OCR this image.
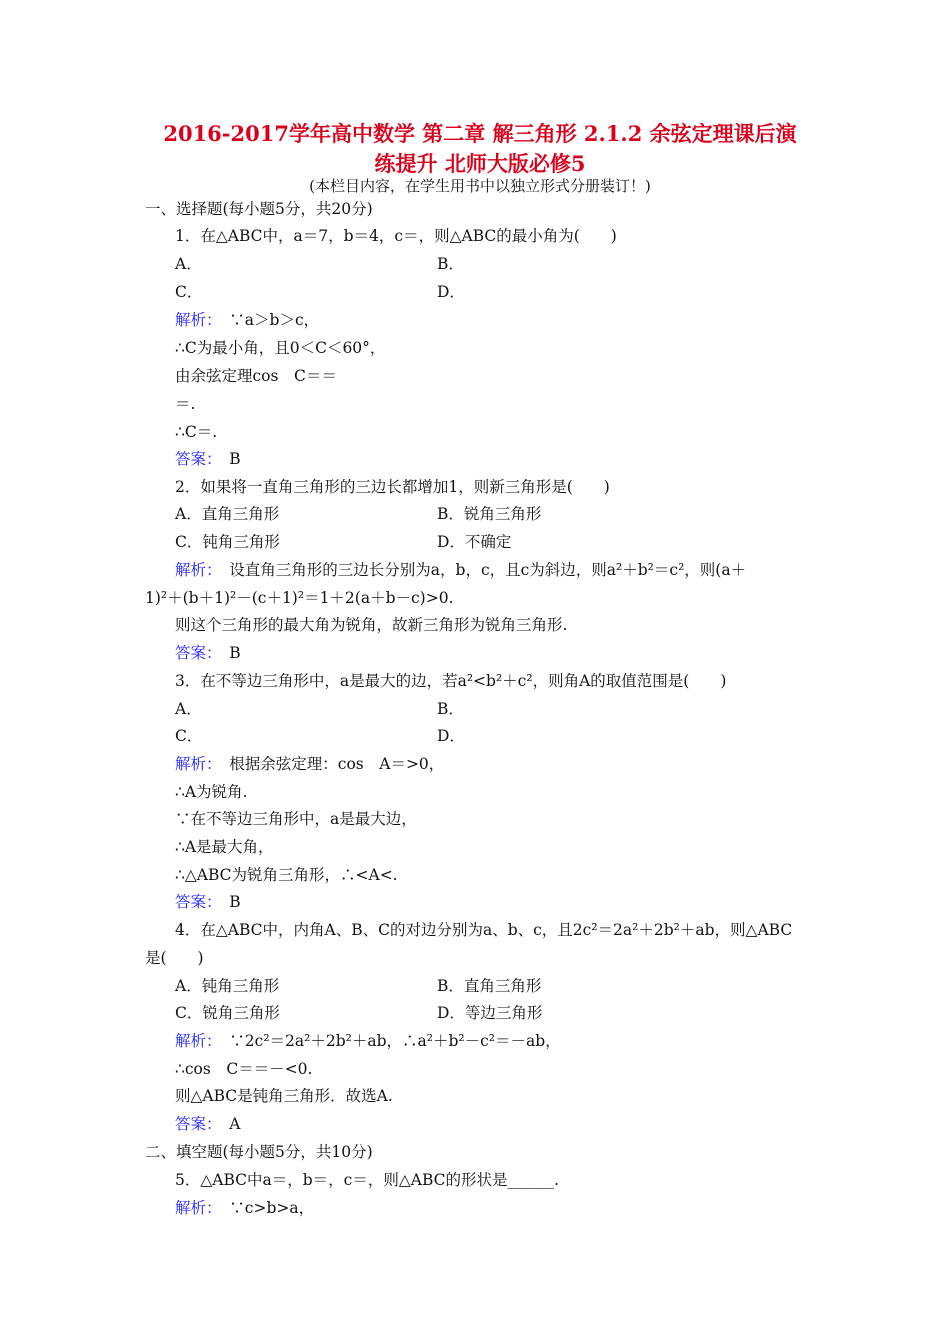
2016-2017学年高中数学 第二章 解三角形 2.1.2 余弦定理课后演
练提升 北师大版必修5
(本栏目内容，在学生用书中以独立形式分册装订！)
一、选择题(每小题5分，共20分)
1．在△ABC中，a＝7，b＝4，c＝，则△ABC的最小角为(　　)
A．	B．
C．	D．
解析：　 ∵a＞b＞c，
∴C为最小角，且0＜C＜60°，
由余弦定理cos　C＝＝
＝.
∴C＝.
答案：　 B
2．如果将一直角三角形的三边长都增加1，则新三角形是(　　)
A．直角三角形	B．锐角三角形
C．钝角三角形	D．不确定
解析：　 设直角三角形的三边长分别为a，b，c，且c为斜边，则a²＋b²＝c²，则(a＋
1)²＋(b＋1)²－(c＋1)²＝1＋2(a＋b－c)>0.
则这个三角形的最大角为锐角，故新三角形为锐角三角形.
答案：　 B
3．在不等边三角形中，a是最大的边，若a²<b²＋c²，则角A的取值范围是(　　)
A．	B．
C．	D．
解析：　 根据余弦定理：cos　A＝>0，
∴A为锐角.
∵在不等边三角形中，a是最大边，
∴A是最大角，
∴△ABC为锐角三角形，∴<A<.
答案：　 B
4．在△ABC中，内角A、B、C的对边分别为a、b、c，且2c²＝2a²＋2b²＋ab，则△ABC
是(　　)
A．钝角三角形	B．直角三角形
C．锐角三角形	D．等边三角形
解析：　 ∵2c²＝2a²＋2b²＋ab，∴a²＋b²－c²＝－ab，
∴cos　C＝＝－<0.
则△ABC是钝角三角形．故选A.
答案：　 A
二、填空题(每小题5分，共10分)
5．△ABC中a＝，b＝，c＝，则△ABC的形状是______.
解析：　 ∵c>b>a，
